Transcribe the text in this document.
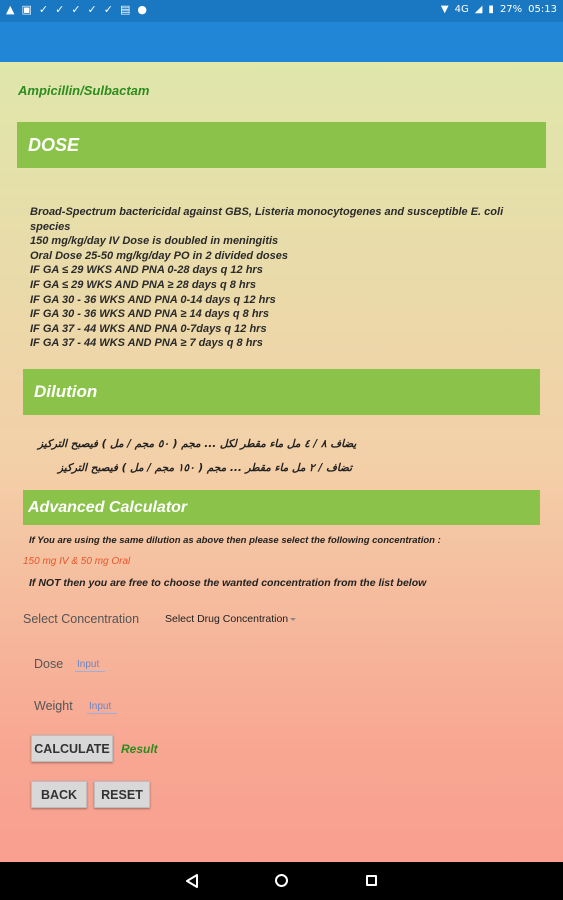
▲ ▣ ✓ ✓ ✓ ✓ ✓ ▤ ●	▼ 4G ◢ ▮ 27% 05:13
Ampicillin/Sulbactam
DOSE
Broad-Spectrum bactericidal against GBS, Listeria monocytogenes and susceptible E. coli species
150 mg/kg/day IV Dose is doubled in meningitis
Oral Dose 25-50 mg/kg/day PO in 2 divided doses
IF GA ≤ 29 WKS AND PNA 0-28 days q 12 hrs
IF GA ≤ 29 WKS AND PNA ≥ 28 days q 8 hrs
IF GA 30 - 36 WKS AND PNA 0-14 days q 12 hrs
IF GA 30 - 36 WKS AND PNA ≥ 14 days q 8 hrs
IF GA 37 - 44 WKS AND PNA 0-7days q 12 hrs
IF GA 37 - 44 WKS AND PNA ≥ 7 days q 8 hrs
Dilution
يضاف ٨ / ٤ مل ماء مقطر لكل ... مجم ( ٥٠ مجم / مل ) فيصبح التركيز
تضاف / ٢ مل ماء مقطر ... مجم ( ١٥٠ مجم / مل ) فيصبح التركيز
Advanced Calculator
If You are using the same dilution as above then please select the following concentration :
150 mg IV & 50 mg Oral
If NOT then you are free to choose the wanted concentration from the list below
Select Concentration Select Drug Concentration
Dose Input
Weight Input
CALCULATE Result
BACK	RESET
